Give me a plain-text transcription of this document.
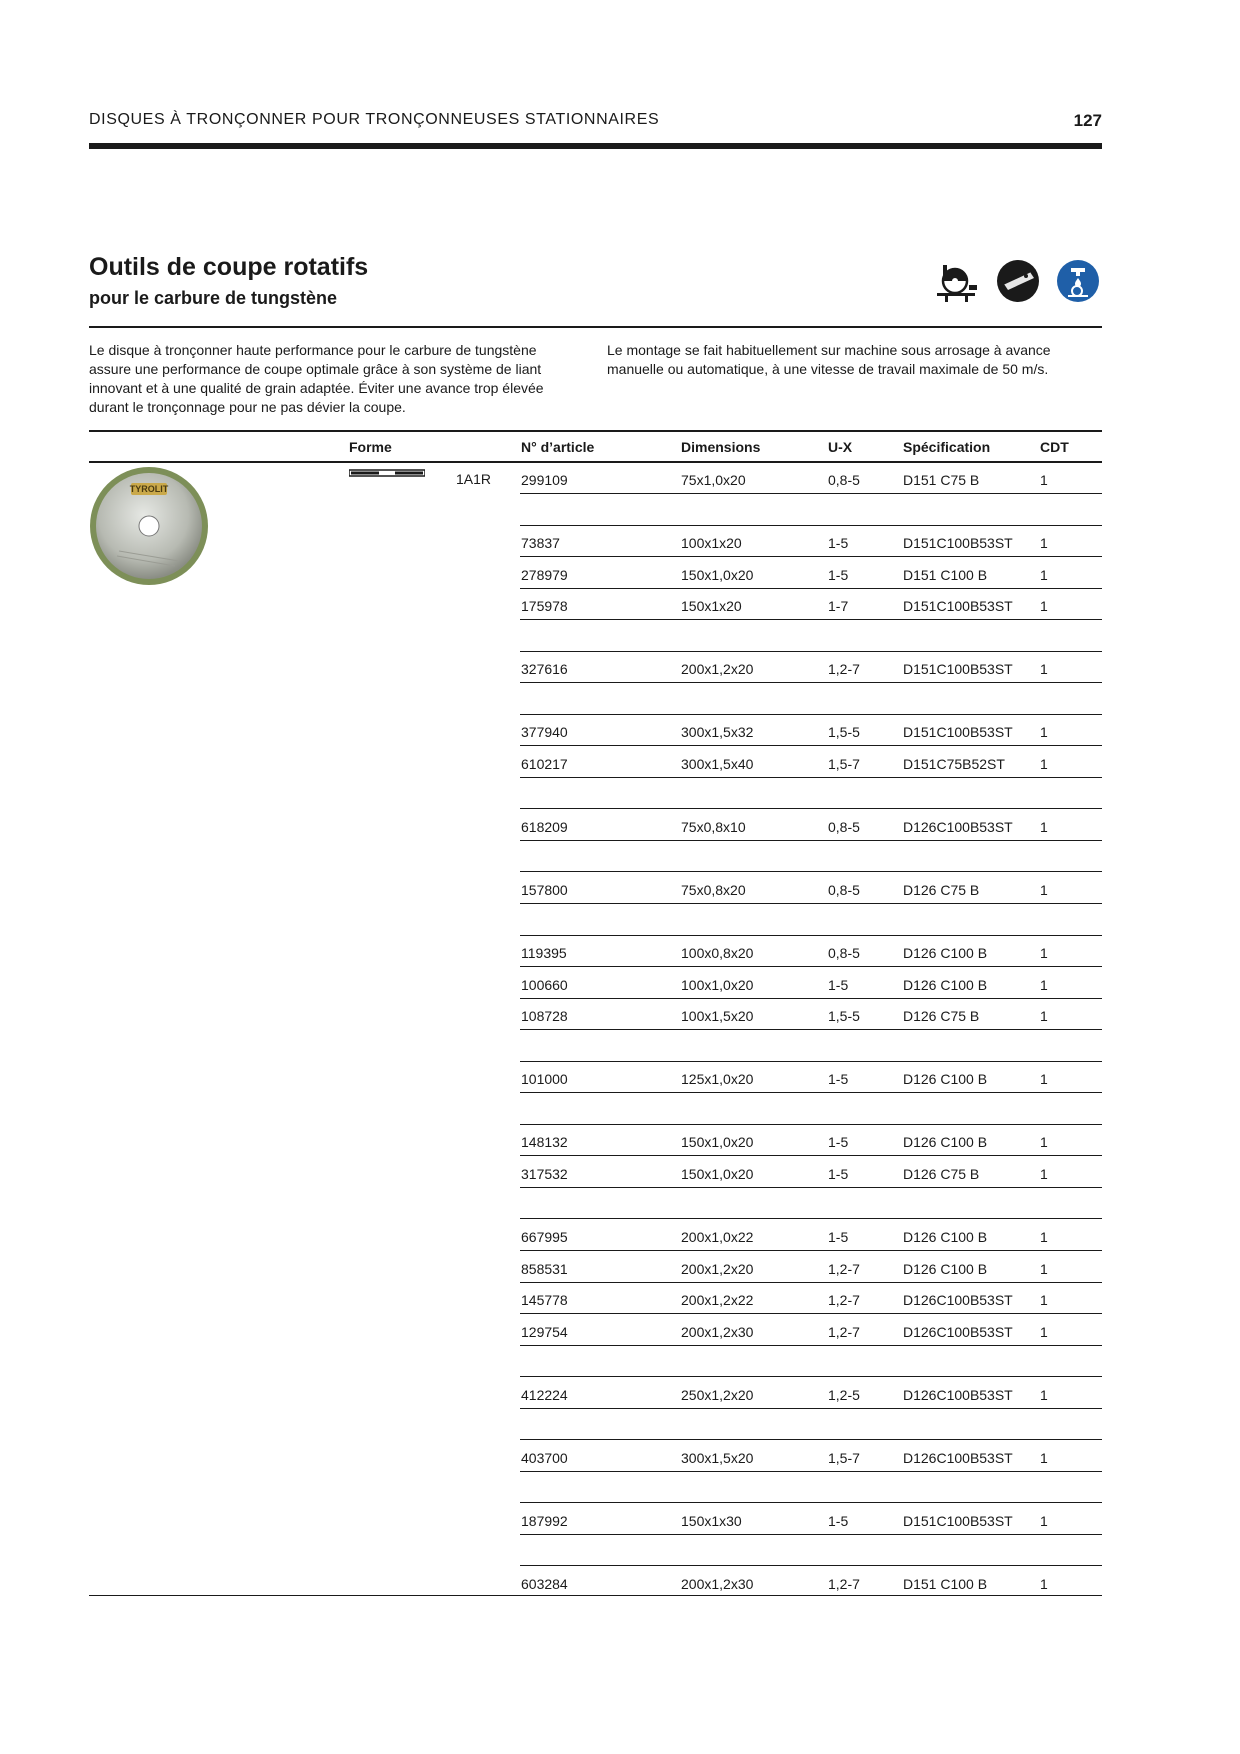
DISQUES À TRONÇONNER POUR TRONÇONNEUSES STATIONNAIRES	127
Outils de coupe rotatifs
pour le carbure de tungstène

Le disque à tronçonner haute performance pour le carbure de tungstène assure une performance de coupe optimale grâce à son système de liant innovant et à une qualité de grain adaptée. Éviter une avance trop élevée durant le tronçonnage pour ne pas dévier la coupe.

Le montage se fait habituellement sur machine sous arrosage à avance manuelle ou automatique, à une vitesse de travail maximale de 50 m/s.

Forme	N° d’article	Dimensions	U-X	Spécification	CDT
TYROLIT
1A1R 299109	75x1,0x20	0,8-5	D151 C75 B	1
73837	100x1x20	1-5	D151C100B53ST 1
278979	150x1,0x20	1-5	D151 C100 B	1
175978	150x1x20	1-7	D151C100B53ST 1
327616	200x1,2x20	1,2-7	D151C100B53ST 1
377940	300x1,5x32	1,5-5	D151C100B53ST 1
610217	300x1,5x40	1,5-7	D151C75B52ST	1
618209	75x0,8x10	0,8-5	D126C100B53ST 1
157800	75x0,8x20	0,8-5	D126 C75 B	1
119395	100x0,8x20	0,8-5	D126 C100 B	1
100660	100x1,0x20	1-5	D126 C100 B	1
108728	100x1,5x20	1,5-5	D126 C75 B	1
101000	125x1,0x20	1-5	D126 C100 B	1
148132	150x1,0x20	1-5	D126 C100 B	1
317532	150x1,0x20	1-5	D126 C75 B	1
667995	200x1,0x22	1-5	D126 C100 B	1
858531	200x1,2x20	1,2-7	D126 C100 B	1
145778	200x1,2x22	1,2-7	D126C100B53ST 1
129754	200x1,2x30	1,2-7	D126C100B53ST 1
412224	250x1,2x20	1,2-5	D126C100B53ST 1
403700	300x1,5x20	1,5-7	D126C100B53ST 1
187992	150x1x30	1-5	D151C100B53ST 1
603284	200x1,2x30	1,2-7	D151 C100 B	1
